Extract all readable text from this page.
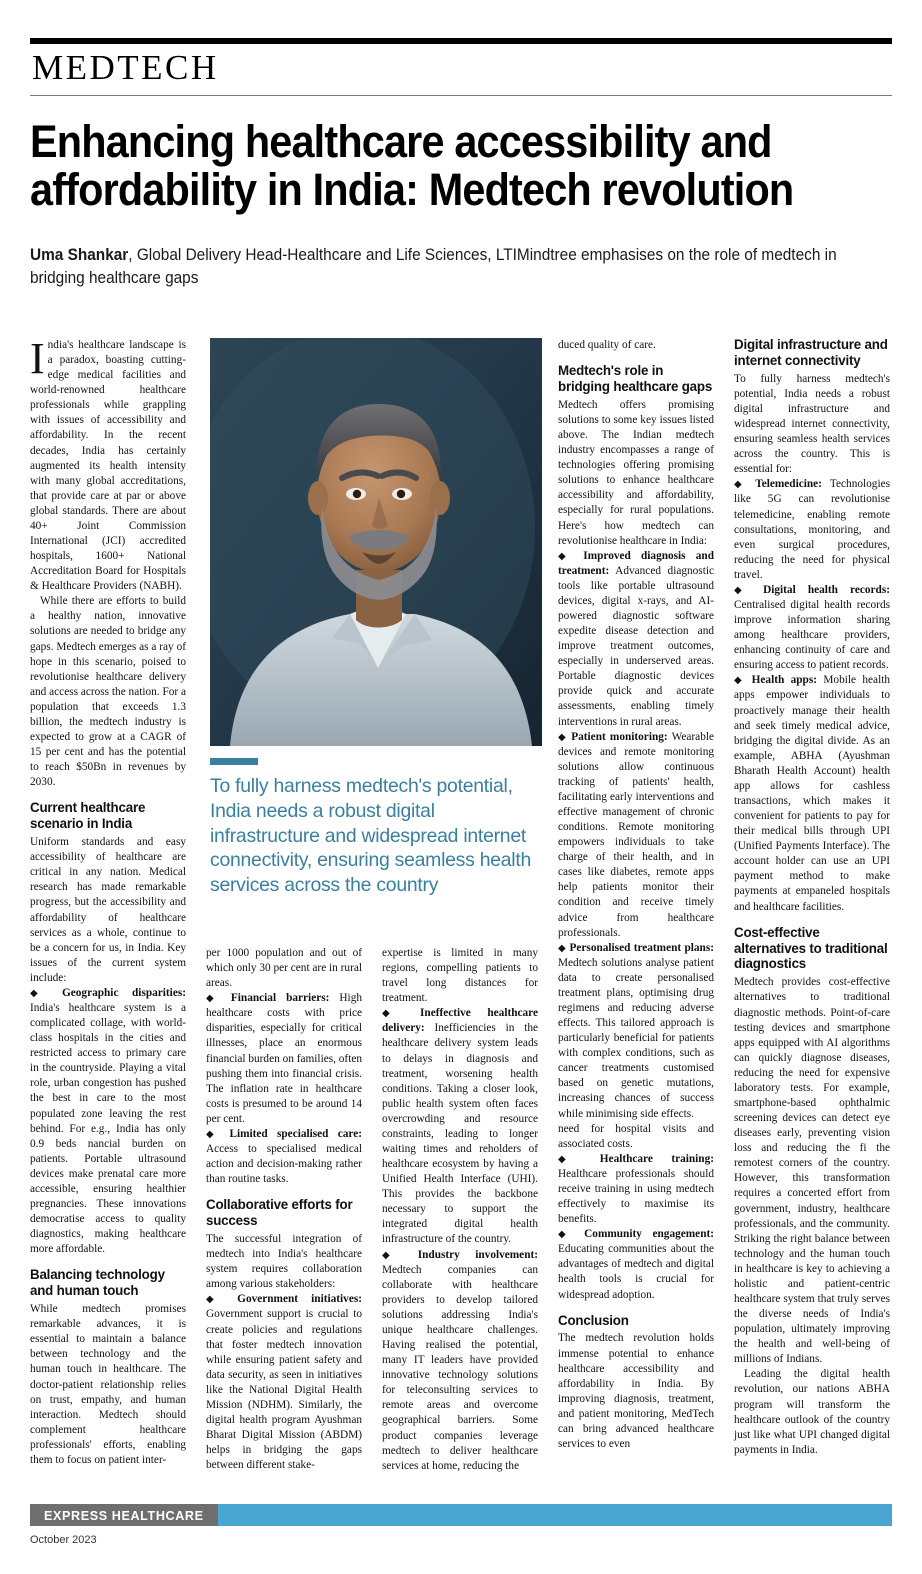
MEDTECH
Enhancing healthcare accessibility and
affordability in India: Medtech revolution
Uma Shankar, Global Delivery Head-Healthcare and Life Sciences, LTIMindtree emphasises on the role of medtech in bridging healthcare gaps
To fully harness medtech's potential, India needs a robust digital infrastructure and widespread internet connectivity, ensuring seamless health services across the country

India's healthcare landscape is a paradox, boasting cutting-edge medical facilities and world-renowned healthcare professionals while grappling with issues of accessibility and affordability. In the recent decades, India has certainly augmented its health intensity with many global accreditations, that provide care at par or above global standards. There are about 40+ Joint Commission International (JCI) accredited hospitals, 1600+ National Accreditation Board for Hospitals & Healthcare Providers (NABH).

While there are efforts to build a healthy nation, innovative solutions are needed to bridge any gaps. Medtech emerges as a ray of hope in this scenario, poised to revolutionise healthcare delivery and access across the nation. For a population that exceeds 1.3 billion, the medtech industry is expected to grow at a CAGR of 15 per cent and has the potential to reach $50Bn in revenues by 2030.

Current healthcare scenario in India

Uniform standards and easy accessibility of healthcare are critical in any nation. Medical research has made remarkable progress, but the accessibility and affordability of healthcare services as a whole, continue to be a concern for us, in India. Key issues of the current system include:

◆ Geographic disparities: India's healthcare system is a complicated collage, with world-class hospitals in the cities and restricted access to primary care in the countryside. Playing a vital role, urban congestion has pushed the best in care to the most populated zone leaving the rest behind. For e.g., India has only 0.9 beds nancial burden on patients. Portable ultrasound devices make prenatal care more accessible, ensuring healthier pregnancies. These innovations democratise access to quality diagnostics, making healthcare more affordable.

Balancing technology and human touch

While medtech promises remarkable advances, it is essential to maintain a balance between technology and the human touch in healthcare. The doctor-patient relationship relies on trust, empathy, and human interaction. Medtech should complement healthcare professionals' efforts, enabling them to focus on patient inter-

per 1000 population and out of which only 30 per cent are in rural areas.

◆ Financial barriers: High healthcare costs with price disparities, especially for critical illnesses, place an enormous financial burden on families, often pushing them into financial crisis. The inflation rate in healthcare costs is presumed to be around 14 per cent.

◆ Limited specialised care: Access to specialised medical action and decision-making rather than routine tasks.

Collaborative efforts for success

The successful integration of medtech into India's healthcare system requires collaboration among various stakeholders:

◆ Government initiatives: Government support is crucial to create policies and regulations that foster medtech innovation while ensuring patient safety and data security, as seen in initiatives like the National Digital Health Mission (NDHM). Similarly, the digital health program Ayushman Bharat Digital Mission (ABDM) helps in bridging the gaps between different stake-

expertise is limited in many regions, compelling patients to travel long distances for treatment.

◆ Ineffective healthcare delivery: Inefficiencies in the healthcare delivery system leads to delays in diagnosis and treatment, worsening health conditions. Taking a closer look, public health system often faces overcrowding and resource constraints, leading to longer waiting times and reholders of healthcare ecosystem by having a Unified Health Interface (UHI). This provides the backbone necessary to support the integrated digital health infrastructure of the country.

◆ Industry involvement: Medtech companies can collaborate with healthcare providers to develop tailored solutions addressing India's unique healthcare challenges. Having realised the potential, many IT leaders have provided innovative technology solutions for teleconsulting services to remote areas and overcome geographical barriers. Some product companies leverage medtech to deliver healthcare services at home, reducing the

duced quality of care.

Medtech's role in bridging healthcare gaps

Medtech offers promising solutions to some key issues listed above. The Indian medtech industry encompasses a range of technologies offering promising solutions to enhance healthcare accessibility and affordability, especially for rural populations. Here's how medtech can revolutionise healthcare in India:

◆ Improved diagnosis and treatment: Advanced diagnostic tools like portable ultrasound devices, digital x-rays, and AI-powered diagnostic software expedite disease detection and improve treatment outcomes, especially in underserved areas. Portable diagnostic devices provide quick and accurate assessments, enabling timely interventions in rural areas.

◆ Patient monitoring: Wearable devices and remote monitoring solutions allow continuous tracking of patients' health, facilitating early interventions and effective management of chronic conditions. Remote monitoring empowers individuals to take charge of their health, and in cases like diabetes, remote apps help patients monitor their condition and receive timely advice from healthcare professionals.

◆ Personalised treatment plans: Medtech solutions analyse patient data to create personalised treatment plans, optimising drug regimens and reducing adverse effects. This tailored approach is particularly beneficial for patients with complex conditions, such as cancer treatments customised based on genetic mutations, increasing chances of success while minimising side effects.

need for hospital visits and associated costs.

◆ Healthcare training: Healthcare professionals should receive training in using medtech effectively to maximise its benefits.

◆ Community engagement: Educating communities about the advantages of medtech and digital health tools is crucial for widespread adoption.

Conclusion

The medtech revolution holds immense potential to enhance healthcare accessibility and affordability in India. By improving diagnosis, treatment, and patient monitoring, MedTech can bring advanced healthcare services to even

Digital infrastructure and internet connectivity

To fully harness medtech's potential, India needs a robust digital infrastructure and widespread internet connectivity, ensuring seamless health services across the country. This is essential for:

◆ Telemedicine: Technologies like 5G can revolutionise telemedicine, enabling remote consultations, monitoring, and even surgical procedures, reducing the need for physical travel.

◆ Digital health records: Centralised digital health records improve information sharing among healthcare providers, enhancing continuity of care and ensuring access to patient records.

◆ Health apps: Mobile health apps empower individuals to proactively manage their health and seek timely medical advice, bridging the digital divide. As an example, ABHA (Ayushman Bharath Health Account) health app allows for cashless transactions, which makes it convenient for patients to pay for their medical bills through UPI (Unified Payments Interface). The account holder can use an UPI payment method to make payments at empaneled hospitals and healthcare facilities.

Cost-effective alternatives to traditional diagnostics

Medtech provides cost-effective alternatives to traditional diagnostic methods. Point-of-care testing devices and smartphone apps equipped with AI algorithms can quickly diagnose diseases, reducing the need for expensive laboratory tests. For example, smartphone-based ophthalmic screening devices can detect eye diseases early, preventing vision loss and reducing the fi the remotest corners of the country. However, this transformation requires a concerted effort from government, industry, healthcare professionals, and the community. Striking the right balance between technology and the human touch in healthcare is key to achieving a holistic and patient-centric healthcare system that truly serves the diverse needs of India's population, ultimately improving the health and well-being of millions of Indians.

Leading the digital health revolution, our nations ABHA program will transform the healthcare outlook of the country just like what UPI changed digital payments in India.

EXPRESS HEALTHCARE
October 2023
